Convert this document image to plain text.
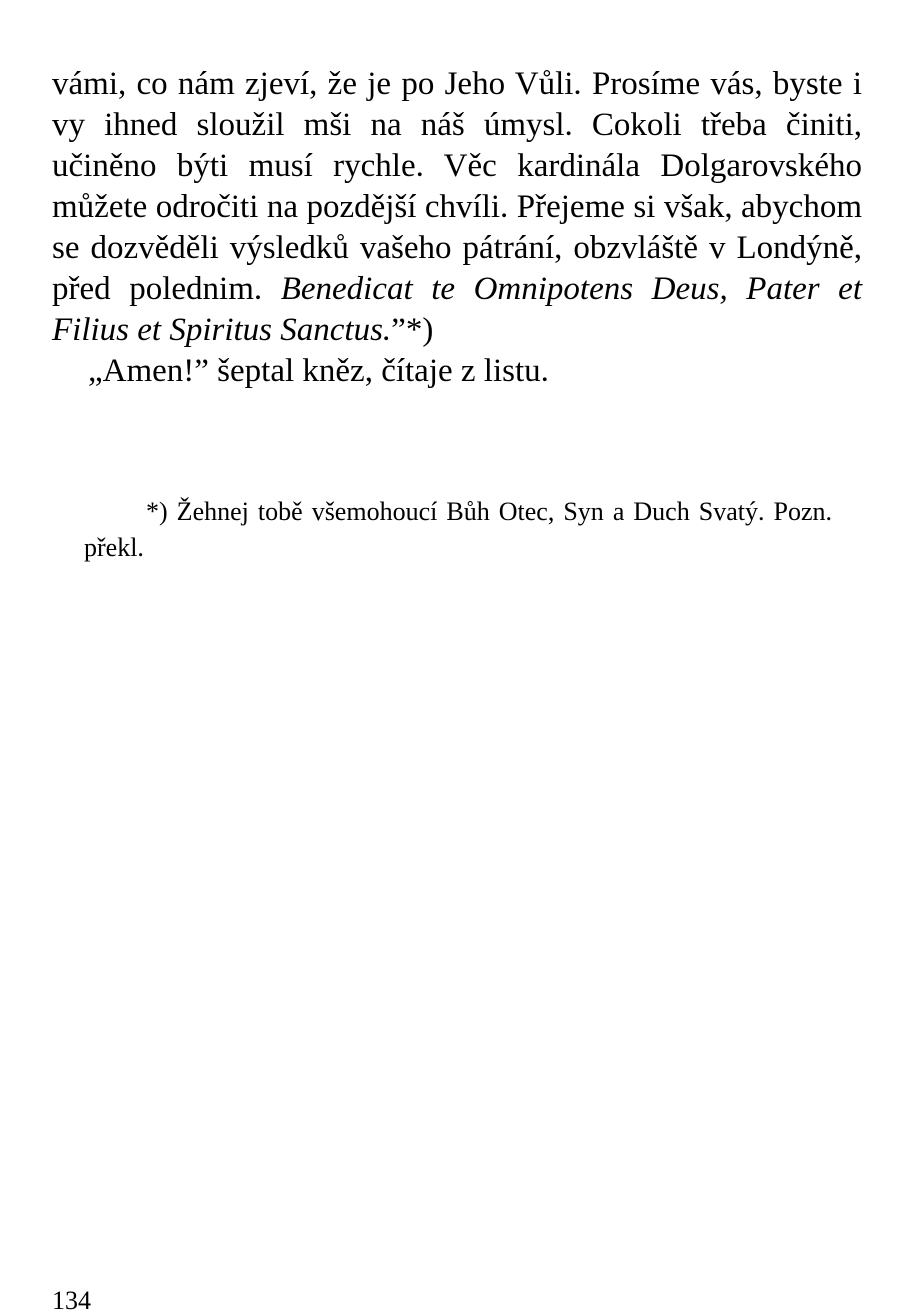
vámi, co nám zjeví, že je po Jeho Vůli. Prosíme vás, byste i vy ihned sloužil mši na náš úmysl. Cokoli třeba činiti, učiněno býti musí rychle. Věc kardinála Dolgarovského můžete odročiti na pozdější chvíli. Přejeme si však, abychom se dozvěděli výsledků vašeho pátrání, obzvláště v Londýně, před polednim. Benedicat te Omnipotens Deus, Pater et Filius et Spiritus Sanctus.”*)

„Amen!” šeptal kněz, čítaje z listu.

*) Žehnej tobě všemohoucí Bůh Otec, Syn a Duch Svatý. Pozn. překl.

134
